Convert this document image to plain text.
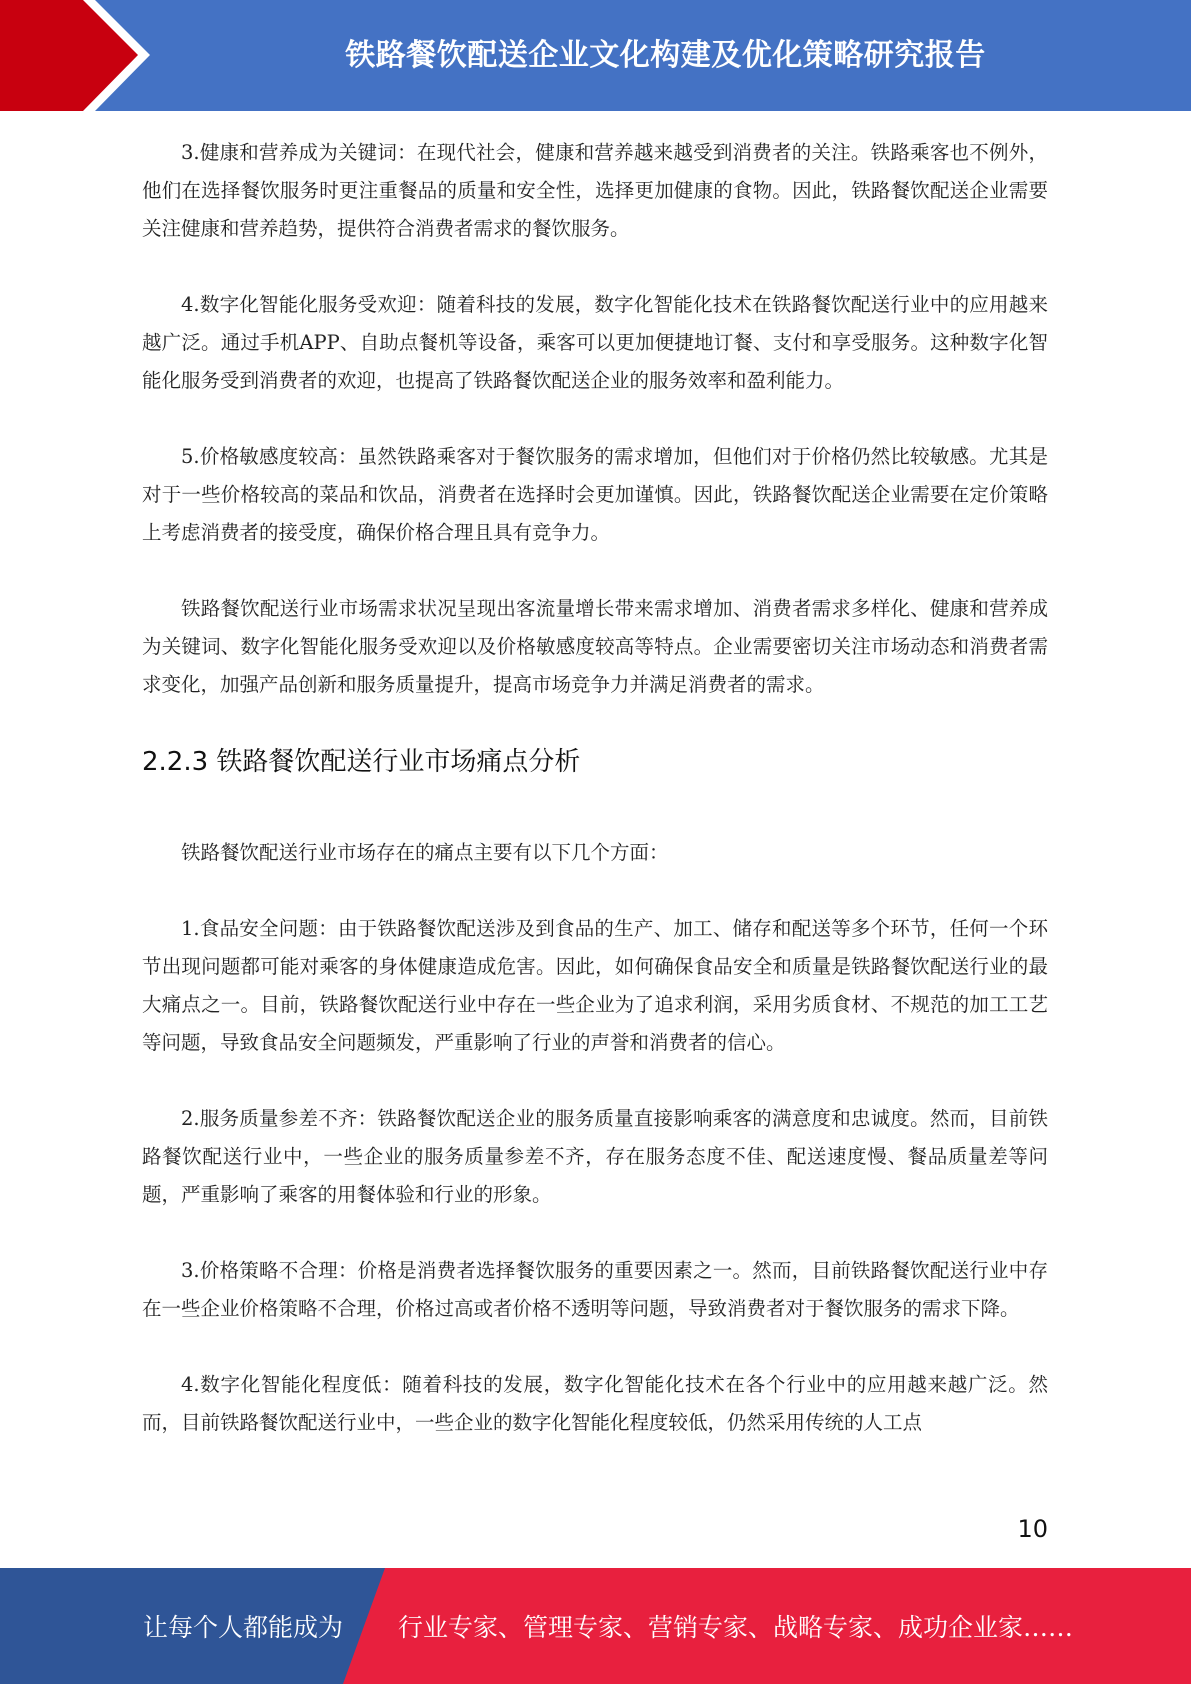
铁路餐饮配送企业文化构建及优化策略研究报告

3.健康和营养成为关键词：在现代社会，健康和营养越来越受到消费者的关注。铁路乘客也不例外，他们在选择餐饮服务时更注重餐品的质量和安全性，选择更加健康的食物。因此，铁路餐饮配送企业需要关注健康和营养趋势，提供符合消费者需求的餐饮服务。

4.数字化智能化服务受欢迎：随着科技的发展，数字化智能化技术在铁路餐饮配送行业中的应用越来越广泛。通过手机APP、自助点餐机等设备，乘客可以更加便捷地订餐、支付和享受服务。这种数字化智能化服务受到消费者的欢迎，也提高了铁路餐饮配送企业的服务效率和盈利能力。

5.价格敏感度较高：虽然铁路乘客对于餐饮服务的需求增加，但他们对于价格仍然比较敏感。尤其是对于一些价格较高的菜品和饮品，消费者在选择时会更加谨慎。因此，铁路餐饮配送企业需要在定价策略上考虑消费者的接受度，确保价格合理且具有竞争力。

铁路餐饮配送行业市场需求状况呈现出客流量增长带来需求增加、消费者需求多样化、健康和营养成为关键词、数字化智能化服务受欢迎以及价格敏感度较高等特点。企业需要密切关注市场动态和消费者需求变化，加强产品创新和服务质量提升，提高市场竞争力并满足消费者的需求。

2.2.3 铁路餐饮配送行业市场痛点分析

铁路餐饮配送行业市场存在的痛点主要有以下几个方面：

1.食品安全问题：由于铁路餐饮配送涉及到食品的生产、加工、储存和配送等多个环节，任何一个环节出现问题都可能对乘客的身体健康造成危害。因此，如何确保食品安全和质量是铁路餐饮配送行业的最大痛点之一。目前，铁路餐饮配送行业中存在一些企业为了追求利润，采用劣质食材、不规范的加工工艺等问题，导致食品安全问题频发，严重影响了行业的声誉和消费者的信心。

2.服务质量参差不齐：铁路餐饮配送企业的服务质量直接影响乘客的满意度和忠诚度。然而，目前铁路餐饮配送行业中，一些企业的服务质量参差不齐，存在服务态度不佳、配送速度慢、餐品质量差等问题，严重影响了乘客的用餐体验和行业的形象。

3.价格策略不合理：价格是消费者选择餐饮服务的重要因素之一。然而，目前铁路餐饮配送行业中存在一些企业价格策略不合理，价格过高或者价格不透明等问题，导致消费者对于餐饮服务的需求下降。

4.数字化智能化程度低：随着科技的发展，数字化智能化技术在各个行业中的应用越来越广泛。然而，目前铁路餐饮配送行业中，一些企业的数字化智能化程度较低，仍然采用传统的人工点

10
让每个人都能成为 行业专家、管理专家、营销专家、战略专家、成功企业家……
